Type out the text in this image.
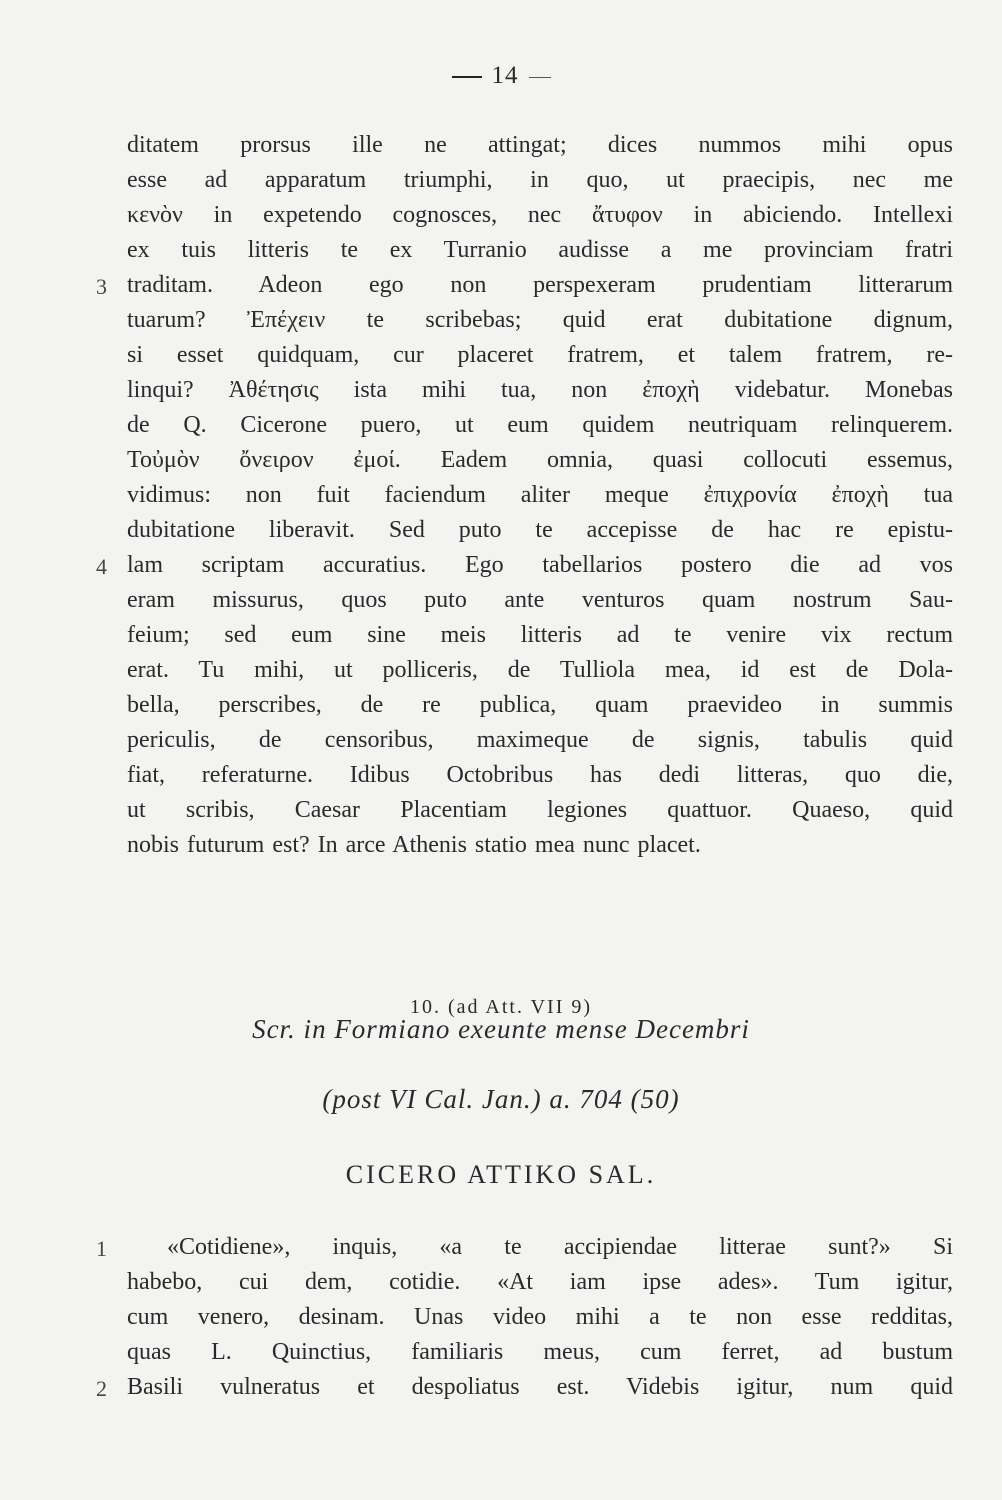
14
ditatem prorsus ille ne attingat; dices nummos mihi opus
esse ad apparatum triumphi, in quo, ut praecipis, nec me
κενὸν in expetendo cognosces, nec ἄτυφον in abiciendo. Intellexi
ex tuis litteris te ex Turranio audisse a me provinciam fratri
3 traditam. Adeon ego non perspexeram prudentiam litterarum
tuarum? Ἐπέχειν te scribebas; quid erat dubitatione dignum,
si esset quidquam, cur placeret fratrem, et talem fratrem, re-
linqui? Ἀθέτησις ista mihi tua, non ἐποχὴ videbatur. Monebas
de Q. Cicerone puero, ut eum quidem neutriquam relinquerem.
Τοὐμὸν ὄνειρον ἐμοί. Eadem omnia, quasi collocuti essemus,
vidimus: non fuit faciendum aliter meque ἐπιχρονία ἐποχὴ tua
dubitatione liberavit. Sed puto te accepisse de hac re epistu-
4 lam scriptam accuratius. Ego tabellarios postero die ad vos
eram missurus, quos puto ante venturos quam nostrum Sau-
feium; sed eum sine meis litteris ad te venire vix rectum
erat. Tu mihi, ut polliceris, de Tulliola mea, id est de Dola-
bella, perscribes, de re publica, quam praevideo in summis
periculis, de censoribus, maximeque de signis, tabulis quid
fiat, referaturne. Idibus Octobribus has dedi litteras, quo die,
ut scribis, Caesar Placentiam legiones quattuor. Quaeso, quid
nobis futurum est? In arce Athenis statio mea nunc placet.
10. (ad Att. VII 9)
Scr. in Formiano exeunte mense Decembri
(post VI Cal. Jan.) a. 704 (50)
CICERO ATTIKO SAL.
1	«Cotidiene», inquis, «a te accipiendae litterae sunt?» Si
habebo, cui dem, cotidie. «At iam ipse ades». Tum igitur,
cum venero, desinam. Unas video mihi a te non esse redditas,
quas L. Quinctius, familiaris meus, cum ferret, ad bustum
2 Basili vulneratus et despoliatus est. Videbis igitur, num quid
